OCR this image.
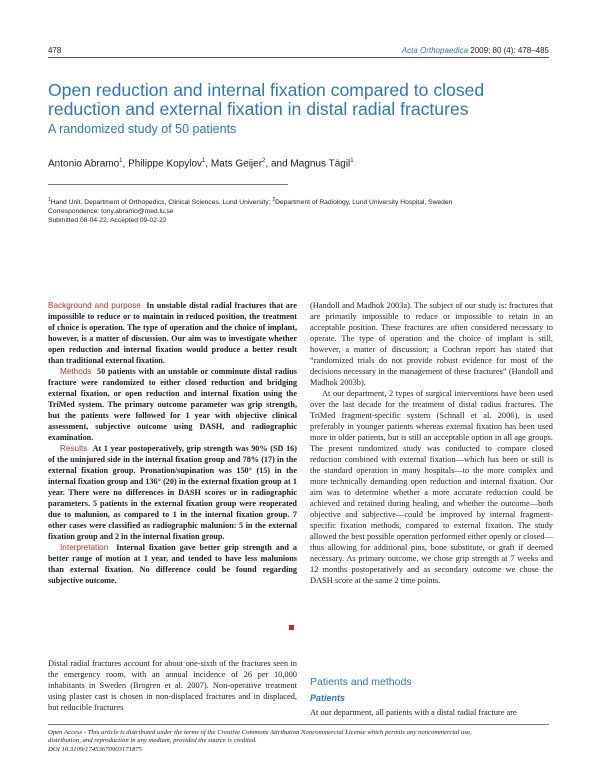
478	Acta Orthopaedica 2009; 80 (4): 478–485
Open reduction and internal fixation compared to closed reduction and external fixation in distal radial fractures
A randomized study of 50 patients
Antonio Abramo$^1$, Philippe Kopylov$^1$, Mats Geijer$^2$, and Magnus Tägil$^1$
$^1$Hand Unit, Department of Orthopedics, Clinical Sciences, Lund University; $^2$Department of Radiology, Lund University Hospital, Sweden
Correspondence: tony.abramo@med.lu.se
Submitted 08-04-22. Accepted 09-02-22

Background and purpose In unstable distal radial fractures that are impossible to reduce or to maintain in reduced position, the treatment of choice is operation. The type of operation and the choice of implant, however, is a matter of discussion. Our aim was to investigate whether open reduction and internal fixation would produce a better result than traditional external fixation.

Methods 50 patients with an unstable or comminute distal radius fracture were randomized to either closed reduction and bridging external fixation, or open reduction and internal fixation using the TriMed system. The primary outcome parameter was grip strength, but the patients were followed for 1 year with objective clinical assessment, subjective outcome using DASH, and radiographic examination.

Results At 1 year postoperatively, grip strength was 90% (SD 16) of the uninjured side in the internal fixation group and 78% (17) in the external fixation group. Pronation/supination was 150° (15) in the internal fixation group and 136° (20) in the external fixation group at 1 year. There were no differences in DASH scores or in radiographic parameters. 5 patients in the external fixation group were reoperated due to malunion, as compared to 1 in the internal fixation group. 7 other cases were classified as radiographic malunion: 5 in the external fixation group and 2 in the internal fixation group.

Interpretation Internal fixation gave better grip strength and a better range of motion at 1 year, and tended to have less malunions than external fixation. No difference could be found regarding subjective outcome.

Distal radial fractures account for about one-sixth of the fractures seen in the emergency room, with an annual incidence of 26 per 10,000 inhabitants in Sweden (Brogren et al. 2007). Non-operative treatment using plaster cast is chosen in non-displaced fractures and in displaced, but reducible fractures

(Handoll and Madhok 2003a). The subject of our study is: fractures that are primarily impossible to reduce or impossible to retain in an acceptable position. These fractures are often considered necessary to operate. The type of operation and the choice of implant is still, however, a matter of discussion; a Cochran report has stated that “randomized trials do not provide robust evidence for most of the decisions necessary in the management of these fractures” (Handoll and Madhok 2003b).

At our department, 2 types of surgical interventions have been used over the last decade for the treatment of distal radius fractures. The TriMed fragment-specific system (Schnall et al. 2006), is used preferably in younger patients whereas external fixation has been used more in older patients, but is still an acceptable option in all age groups. The present randomized study was conducted to compare closed reduction combined with external fixation—which has been or still is the standard operation in many hospitals—to the more complex and more technically demanding open reduction and internal fixation. Our aim was to determine whether a more accurate reduction could be achieved and retained during healing, and whether the outcome—both objective and subjective—could be improved by internal fragment-specific fixation methods, compared to external fixation. The study allowed the best possible operation performed either openly or closed—thus allowing for additional pins, bone substitute, or graft if deemed necessary. As primary outcome, we chose grip strength at 7 weeks and 12 months postoperatively and as secondary outcome we chose the DASH score at the same 2 time points.

Patients and methods
Patients
At our department, all patients with a distal radial fracture are
Open Access - This article is distributed under the terms of the Creative Commons Attribution Noncommercial License which permits any noncommercial use,
distribution, and reproduction in any medium, provided the source is credited.
DOI 10.3109/17453670903171875
